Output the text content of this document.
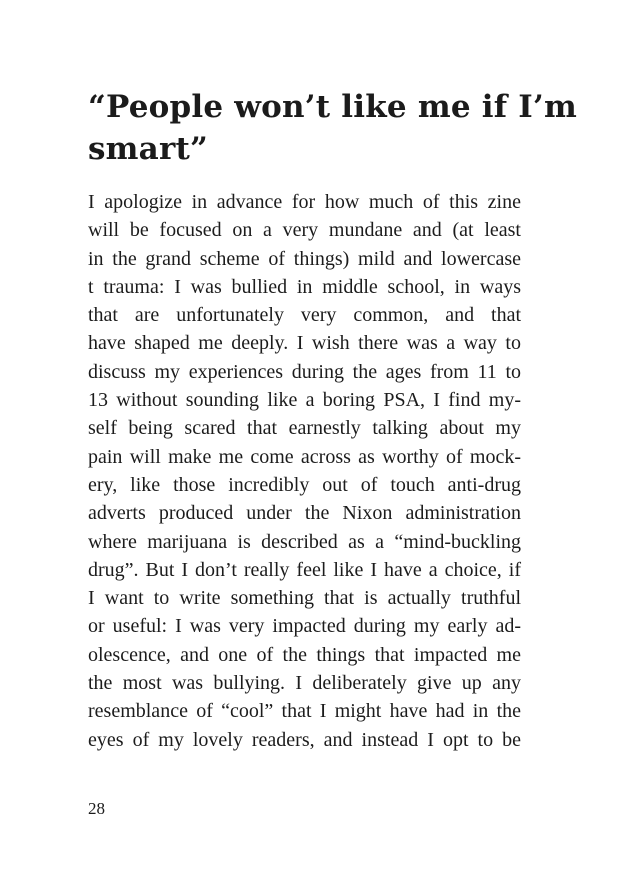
“People won’t like me if I’m
smart”
I apologize in advance for how much of this zine
will be focused on a very mundane and (at least
in the grand scheme of things) mild and lowercase
t trauma: I was bullied in middle school, in ways
that are unfortunately very common, and that
have shaped me deeply. I wish there was a way to
discuss my experiences during the ages from 11 to
13 without sounding like a boring PSA, I find my-
self being scared that earnestly talking about my
pain will make me come across as worthy of mock-
ery, like those incredibly out of touch anti-drug
adverts produced under the Nixon administration
where marijuana is described as a “mind-buckling
drug”. But I don’t really feel like I have a choice, if
I want to write something that is actually truthful
or useful: I was very impacted during my early ad-
olescence, and one of the things that impacted me
the most was bullying. I deliberately give up any
resemblance of “cool” that I might have had in the
eyes of my lovely readers, and instead I opt to be

28
